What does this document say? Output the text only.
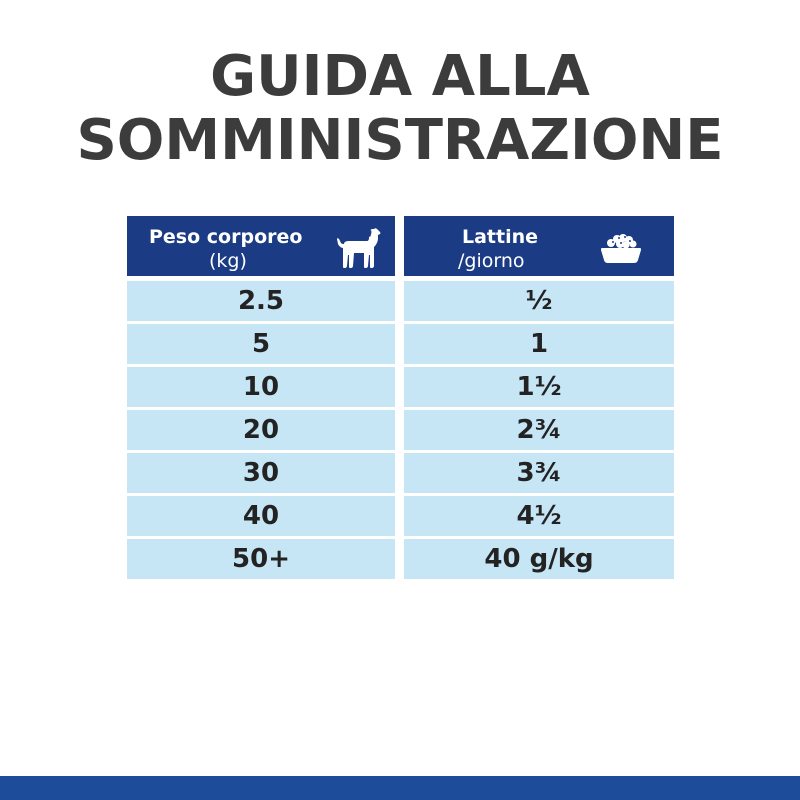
GUIDA ALLA
SOMMINISTRAZIONE
Peso corporeo
(kg)
2.5
5
10
20
30
40
50+
Lattine
/giorno
½
1
1½
2¾
3¾
4½
40 g/kg
